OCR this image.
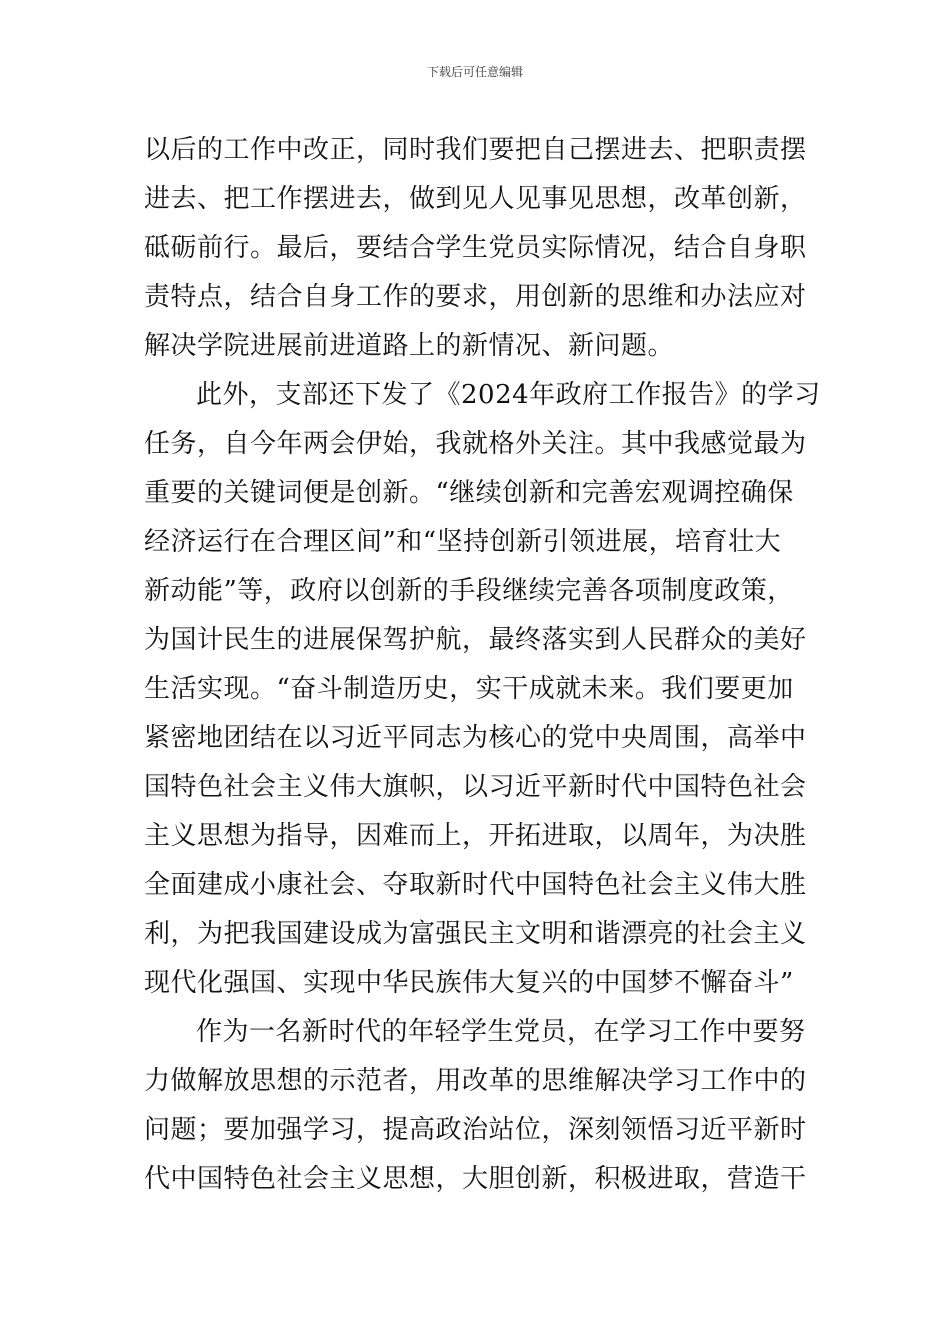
下载后可任意编辑
以后的工作中改正，同时我们要把自己摆进去、把职责摆
进去、把工作摆进去，做到见人见事见思想，改革创新，
砥砺前行。最后，要结合学生党员实际情况，结合自身职
责特点，结合自身工作的要求，用创新的思维和办法应对
解决学院进展前进道路上的新情况、新问题。
此外，支部还下发了《2024年政府工作报告》的学习
任务，自今年两会伊始，我就格外关注。其中我感觉最为
重要的关键词便是创新。“继续创新和完善宏观调控确保
经济运行在合理区间”和“坚持创新引领进展，培育壮大
新动能”等，政府以创新的手段继续完善各项制度政策，
为国计民生的进展保驾护航，最终落实到人民群众的美好
生活实现。“奋斗制造历史，实干成就未来。我们要更加
紧密地团结在以习近平同志为核心的党中央周围，高举中
国特色社会主义伟大旗帜，以习近平新时代中国特色社会
主义思想为指导，因难而上，开拓进取，以周年，为决胜
全面建成小康社会、夺取新时代中国特色社会主义伟大胜
利，为把我国建设成为富强民主文明和谐漂亮的社会主义
现代化强国、实现中华民族伟大复兴的中国梦不懈奋斗”
作为一名新时代的年轻学生党员，在学习工作中要努
力做解放思想的示范者，用改革的思维解决学习工作中的
问题；要加强学习，提高政治站位，深刻领悟习近平新时
代中国特色社会主义思想，大胆创新，积极进取，营造干
